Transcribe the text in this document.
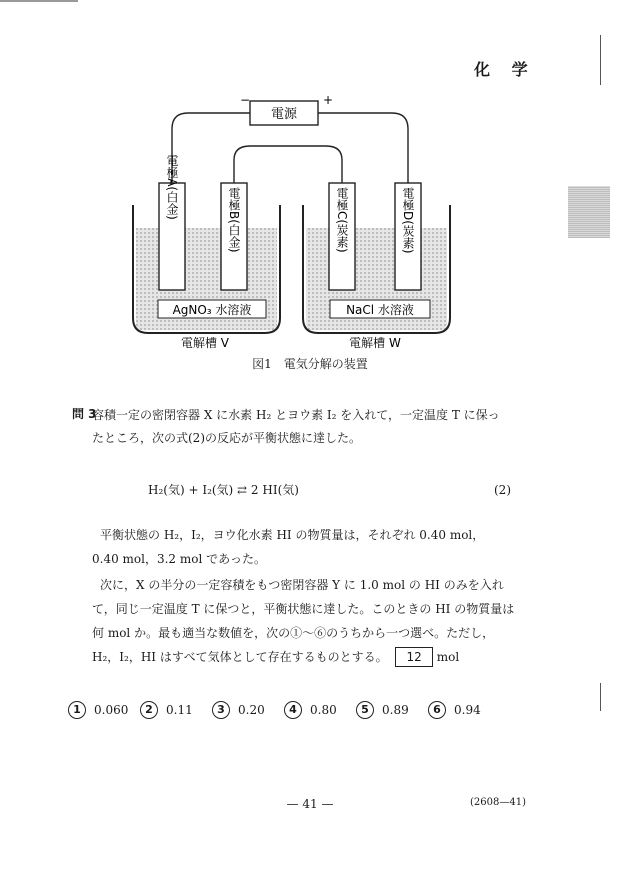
化 学
電源
−	+
電極A(白金)	電極B(白金)	電極C(炭素)	電極D(炭素)
AgNO₃ 水溶液	NaCl 水溶液
電解槽 V	電解槽 W
図1　電気分解の装置
問 3
容積一定の密閉容器 X に水素 H₂ とヨウ素 I₂ を入れて，一定温度 T に保っ
たところ，次の式(2)の反応が平衡状態に達した。
H₂(気) + I₂(気) ⇄ 2 HI(気)	(2)
平衡状態の H₂，I₂，ヨウ化水素 HI の物質量は，それぞれ 0.40 mol，
0.40 mol，3.2 mol であった。
次に，X の半分の一定容積をもつ密閉容器 Y に 1.0 mol の HI のみを入れ
て，同じ一定温度 T に保つと，平衡状態に達した。このときの HI の物質量は
何 mol か。最も適当な数値を，次の①〜⑥のうちから一つ選べ。ただし，
H₂，I₂，HI はすべて気体として存在するものとする。 12 mol
1	0.060	2	0.11	3	0.20	4	0.80	5	0.89	6	0.94
— 41 —	(2608—41)
